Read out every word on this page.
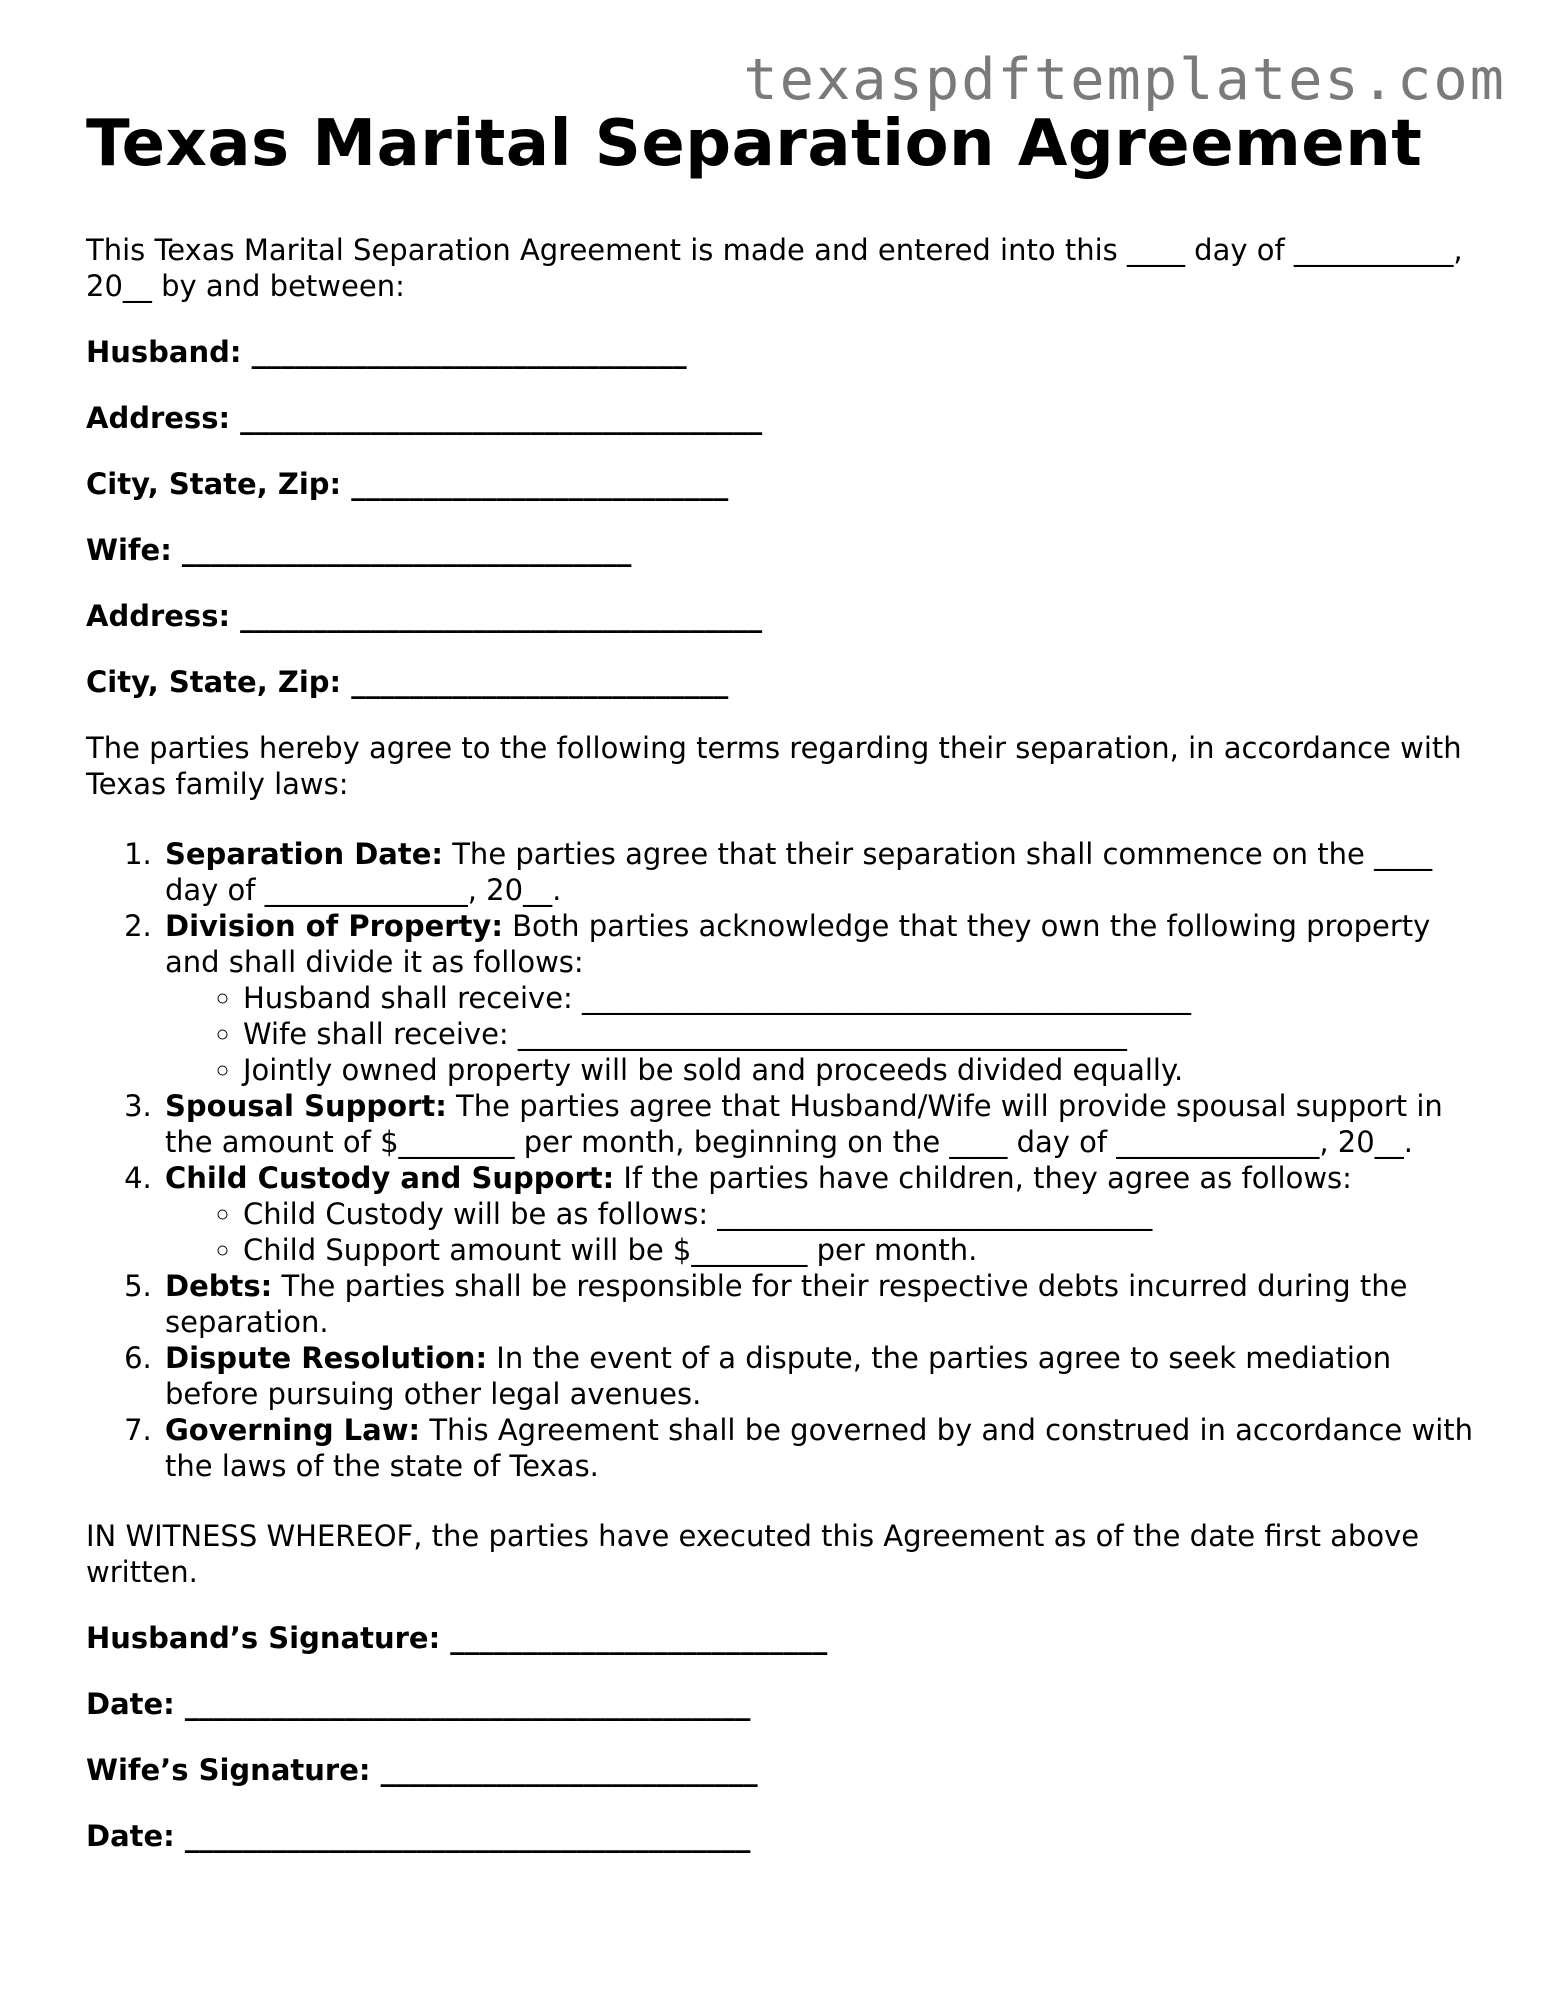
texaspdftemplates.com
Texas Marital Separation Agreement

This Texas Marital Separation Agreement is made and entered into this ____ day of ___________, 20__ by and between:

Husband: ______________________________
Address: ____________________________________
City, State, Zip: __________________________
Wife: _______________________________
Address: ____________________________________
City, State, Zip: __________________________

The parties hereby agree to the following terms regarding their separation, in accordance with Texas family laws:

1. Separation Date: The parties agree that their separation shall commence on the ____ day of ______________, 20__.
2. Division of Property: Both parties acknowledge that they own the following property and shall divide it as follows:
◦ Husband shall receive: __________________________________________
◦ Wife shall receive: __________________________________________
◦ Jointly owned property will be sold and proceeds divided equally.
3. Spousal Support: The parties agree that Husband/Wife will provide spousal support in the amount of $________ per month, beginning on the ____ day of ______________, 20__.
4. Child Custody and Support: If the parties have children, they agree as follows:
◦ Child Custody will be as follows: ______________________________
◦ Child Support amount will be $________ per month.
5. Debts: The parties shall be responsible for their respective debts incurred during the separation.
6. Dispute Resolution: In the event of a dispute, the parties agree to seek mediation before pursuing other legal avenues.
7. Governing Law: This Agreement shall be governed by and construed in accordance with the laws of the state of Texas.

IN WITNESS WHEREOF, the parties have executed this Agreement as of the date first above written.

Husband’s Signature: __________________________
Date: _______________________________________
Wife’s Signature: __________________________
Date: _______________________________________
